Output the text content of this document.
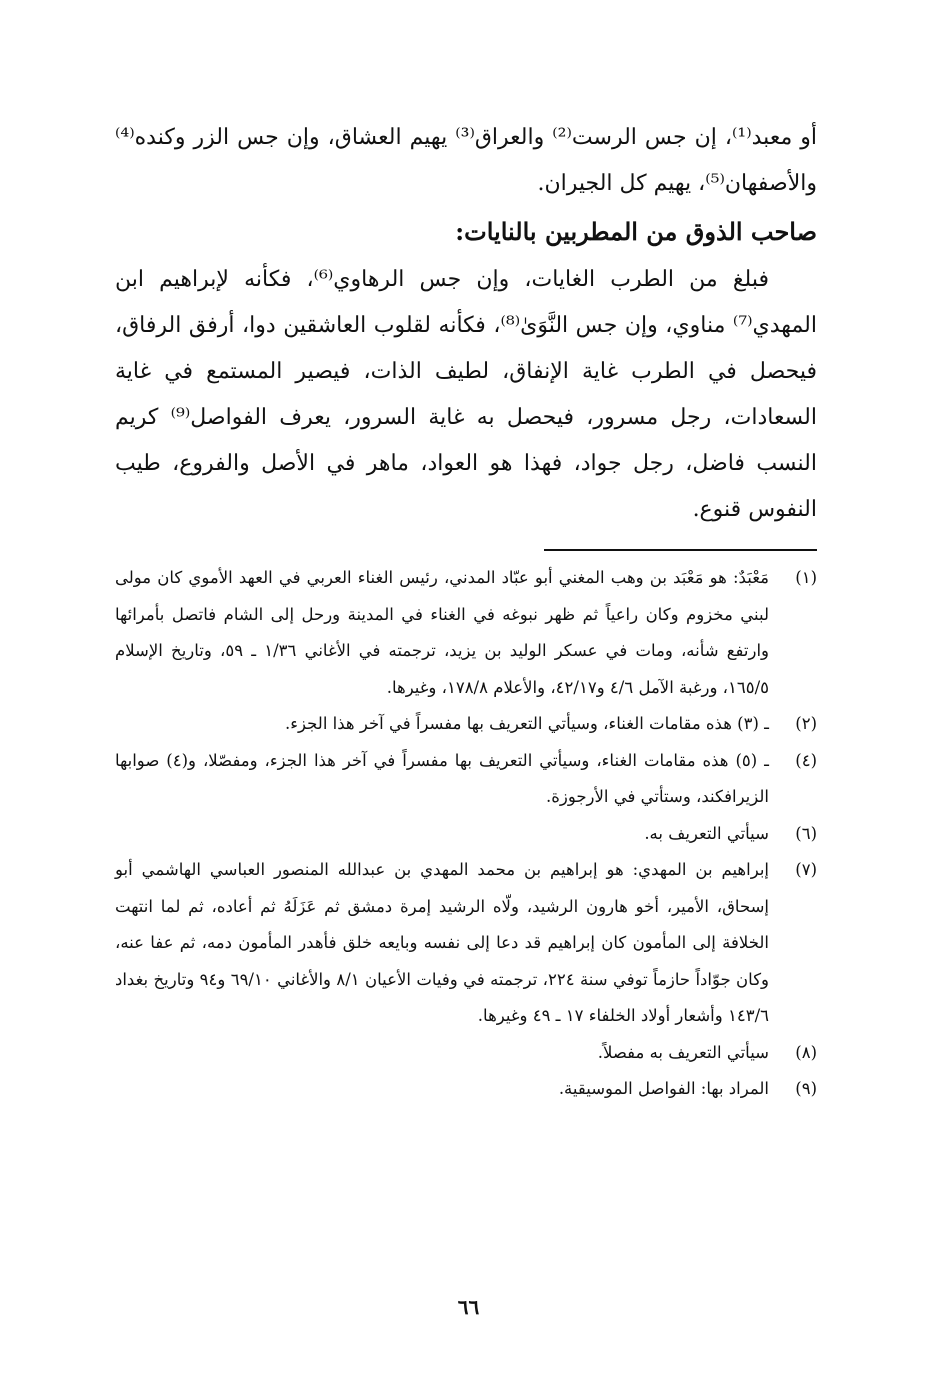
أو معبد⁽¹⁾، إن جس الرست⁽²⁾ والعراق⁽³⁾ يهيم العشاق، وإن جس الزر وكنده⁽⁴⁾ والأصفهان⁽⁵⁾، يهيم كل الجيران.

صاحب الذوق من المطربين بالنايات:

فبلغ من الطرب الغايات، وإن جس الرهاوي⁽⁶⁾، فكأنه لإبراهيم ابن المهدي⁽⁷⁾ مناوي، وإن جس النَّوَىٰ⁽⁸⁾، فكأنه لقلوب العاشقين دوا، أرفق الرفاق، فيحصل في الطرب غاية الإنفاق، لطيف الذات، فيصير المستمع في غاية السعادات، رجل مسرور، فيحصل به غاية السرور، يعرف الفواصل⁽⁹⁾ كريم النسب فاضل، رجل جواد، فهذا هو العواد، ماهر في الأصل والفروع، طيب النفوس قنوع.

(١)
مَعْبَدٌ: هو مَعْبَد بن وهب المغني أبو عبّاد المدني، رئيس الغناء العربي في العهد الأموي كان مولى لبني مخزوم وكان راعياً ثم ظهر نبوغه في الغناء في المدينة ورحل إلى الشام فاتصل بأمرائها وارتفع شأنه، ومات في عسكر الوليد بن يزيد، ترجمته في الأغاني ١/٣٦ ـ ٥٩، وتاريخ الإسلام ١٦٥/٥، ورغبة الآمل ٤/٦ و٤٢/١٧، والأعلام ١٧٨/٨، وغيرها.
(٢)
ـ (٣) هذه مقامات الغناء، وسيأتي التعريف بها مفسراً في آخر هذا الجزء.
(٤)
ـ (٥) هذه مقامات الغناء، وسيأتي التعريف بها مفسراً في آخر هذا الجزء، ومفصّلا، و(٤) صوابها الزيرافكند، وستأتي في الأرجوزة.
(٦)
سيأتي التعريف به.
(٧)
إبراهيم بن المهدي: هو إبراهيم بن محمد المهدي بن عبدالله المنصور العباسي الهاشمي أبو إسحاق، الأمير، أخو هارون الرشيد، ولّاه الرشيد إمرة دمشق ثم عَزَلَهُ ثم أعاده، ثم لما انتهت الخلافة إلى المأمون كان إبراهيم قد دعا إلى نفسه وبايعه خلق فأهدر المأمون دمه، ثم عفا عنه، وكان جوّاداً حازماً توفي سنة ٢٢٤، ترجمته في وفيات الأعيان ٨/١ والأغاني ٦٩/١٠ و٩٤ وتاريخ بغداد ١٤٣/٦ وأشعار أولاد الخلفاء ١٧ ـ ٤٩ وغيرها.
(٨)
سيأتي التعريف به مفصلاً.
(٩)
المراد بها: الفواصل الموسيقية.
٦٦
